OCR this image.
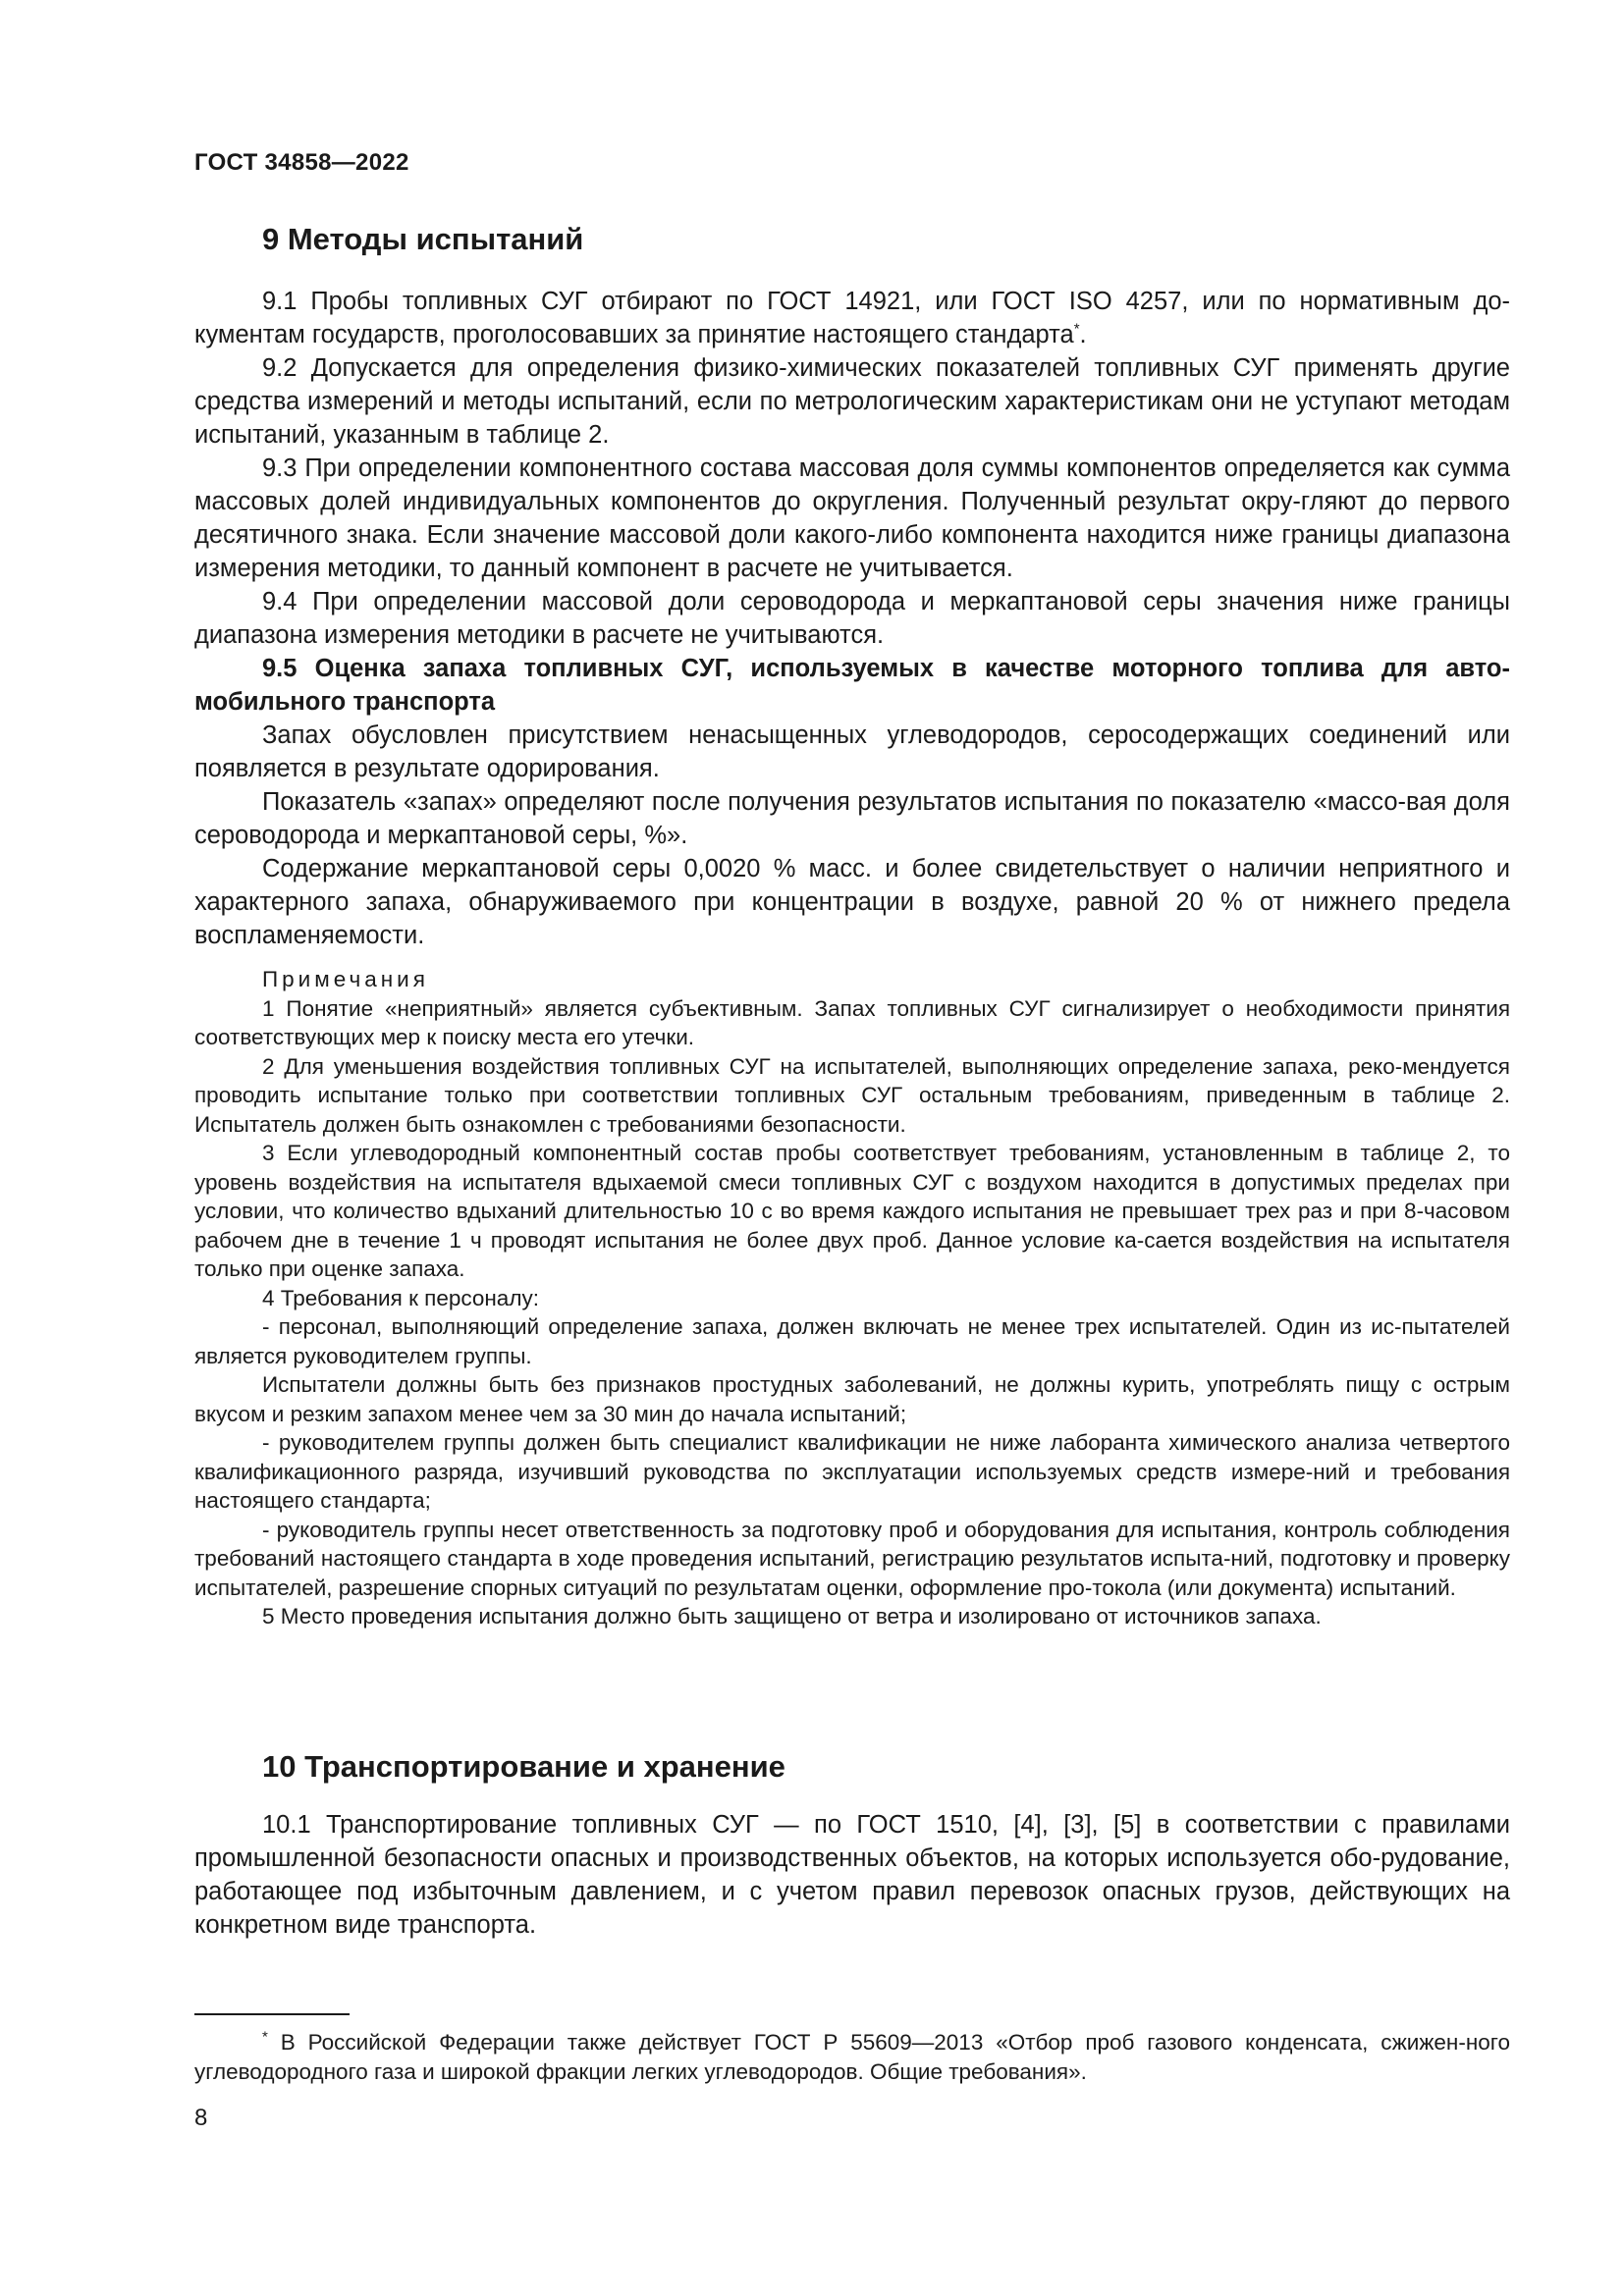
ГОСТ 34858—2022
9 Методы испытаний

9.1 Пробы топливных СУГ отбирают по ГОСТ 14921, или ГОСТ ISO 4257, или по нормативным до-кументам государств, проголосовавших за принятие настоящего стандарта*.

9.2 Допускается для определения физико-химических показателей топливных СУГ применять другие средства измерений и методы испытаний, если по метрологическим характеристикам они не уступают методам испытаний, указанным в таблице 2.

9.3 При определении компонентного состава массовая доля суммы компонентов определяется как сумма массовых долей индивидуальных компонентов до округления. Полученный результат окру-гляют до первого десятичного знака. Если значение массовой доли какого-либо компонента находится ниже границы диапазона измерения методики, то данный компонент в расчете не учитывается.

9.4 При определении массовой доли сероводорода и меркаптановой серы значения ниже границы диапазона измерения методики в расчете не учитываются.

9.5 Оценка запаха топливных СУГ, используемых в качестве моторного топлива для авто-мобильного транспорта

Запах обусловлен присутствием ненасыщенных углеводородов, серосодержащих соединений или появляется в результате одорирования.

Показатель «запах» определяют после получения результатов испытания по показателю «массо-вая доля сероводорода и меркаптановой серы, %».

Содержание меркаптановой серы 0,0020 % масс. и более свидетельствует о наличии неприятного и характерного запаха, обнаруживаемого при концентрации в воздухе, равной 20 % от нижнего предела воспламеняемости.

Примечания

1 Понятие «неприятный» является субъективным. Запах топливных СУГ сигнализирует о необходимости принятия соответствующих мер к поиску места его утечки.

2 Для уменьшения воздействия топливных СУГ на испытателей, выполняющих определение запаха, реко-мендуется проводить испытание только при соответствии топливных СУГ остальным требованиям, приведенным в таблице 2. Испытатель должен быть ознакомлен с требованиями безопасности.

3 Если углеводородный компонентный состав пробы соответствует требованиям, установленным в таблице 2, то уровень воздействия на испытателя вдыхаемой смеси топливных СУГ с воздухом находится в допустимых пределах при условии, что количество вдыханий длительностью 10 с во время каждого испытания не превышает трех раз и при 8-часовом рабочем дне в течение 1 ч проводят испытания не более двух проб. Данное условие ка-сается воздействия на испытателя только при оценке запаха.

4 Требования к персоналу:

- персонал, выполняющий определение запаха, должен включать не менее трех испытателей. Один из ис-пытателей является руководителем группы.

Испытатели должны быть без признаков простудных заболеваний, не должны курить, употреблять пищу с острым вкусом и резким запахом менее чем за 30 мин до начала испытаний;

- руководителем группы должен быть специалист квалификации не ниже лаборанта химического анализа четвертого квалификационного разряда, изучивший руководства по эксплуатации используемых средств измере-ний и требования настоящего стандарта;

- руководитель группы несет ответственность за подготовку проб и оборудования для испытания, контроль соблюдения требований настоящего стандарта в ходе проведения испытаний, регистрацию результатов испыта-ний, подготовку и проверку испытателей, разрешение спорных ситуаций по результатам оценки, оформление про-токола (или документа) испытаний.

5 Место проведения испытания должно быть защищено от ветра и изолировано от источников запаха.

10 Транспортирование и хранение

10.1 Транспортирование топливных СУГ — по ГОСТ 1510, [4], [3], [5] в соответствии с правилами промышленной безопасности опасных и производственных объектов, на которых используется обо-рудование, работающее под избыточным давлением, и с учетом правил перевозок опасных грузов, действующих на конкретном виде транспорта.

* В Российской Федерации также действует ГОСТ Р 55609—2013 «Отбор проб газового конденсата, сжижен-ного углеводородного газа и широкой фракции легких углеводородов. Общие требования».

8
